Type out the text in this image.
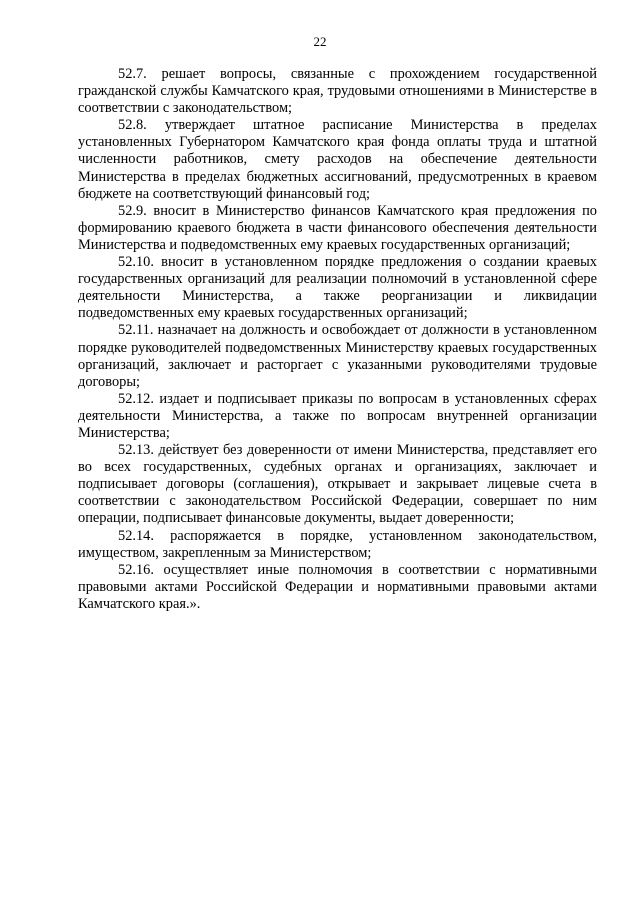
22

52.7. решает вопросы, связанные с прохождением государственной гражданской службы Камчатского края, трудовыми отношениями в Министерстве в соответствии с законодательством;

52.8. утверждает штатное расписание Министерства в пределах установленных Губернатором Камчатского края фонда оплаты труда и штатной численности работников, смету расходов на обеспечение деятельности Министерства в пределах бюджетных ассигнований, предусмотренных в краевом бюджете на соответствующий финансовый год;

52.9. вносит в Министерство финансов Камчатского края предложения по формированию краевого бюджета в части финансового обеспечения деятельности Министерства и подведомственных ему краевых государственных организаций;

52.10. вносит в установленном порядке предложения о создании краевых государственных организаций для реализации полномочий в установленной сфере деятельности Министерства, а также реорганизации и ликвидации подведомственных ему краевых государственных организаций;

52.11. назначает на должность и освобождает от должности в установленном порядке руководителей подведомственных Министерству краевых государственных организаций, заключает и расторгает с указанными руководителями трудовые договоры;

52.12. издает и подписывает приказы по вопросам в установленных сферах деятельности Министерства, а также по вопросам внутренней организации Министерства;

52.13. действует без доверенности от имени Министерства, представляет его во всех государственных, судебных органах и организациях, заключает и подписывает договоры (соглашения), открывает и закрывает лицевые счета в соответствии с законодательством Российской Федерации, совершает по ним операции, подписывает финансовые документы, выдает доверенности;

52.14. распоряжается в порядке, установленном законодательством, имуществом, закрепленным за Министерством;

52.16. осуществляет иные полномочия в соответствии с нормативными правовыми актами Российской Федерации и нормативными правовыми актами Камчатского края.».
